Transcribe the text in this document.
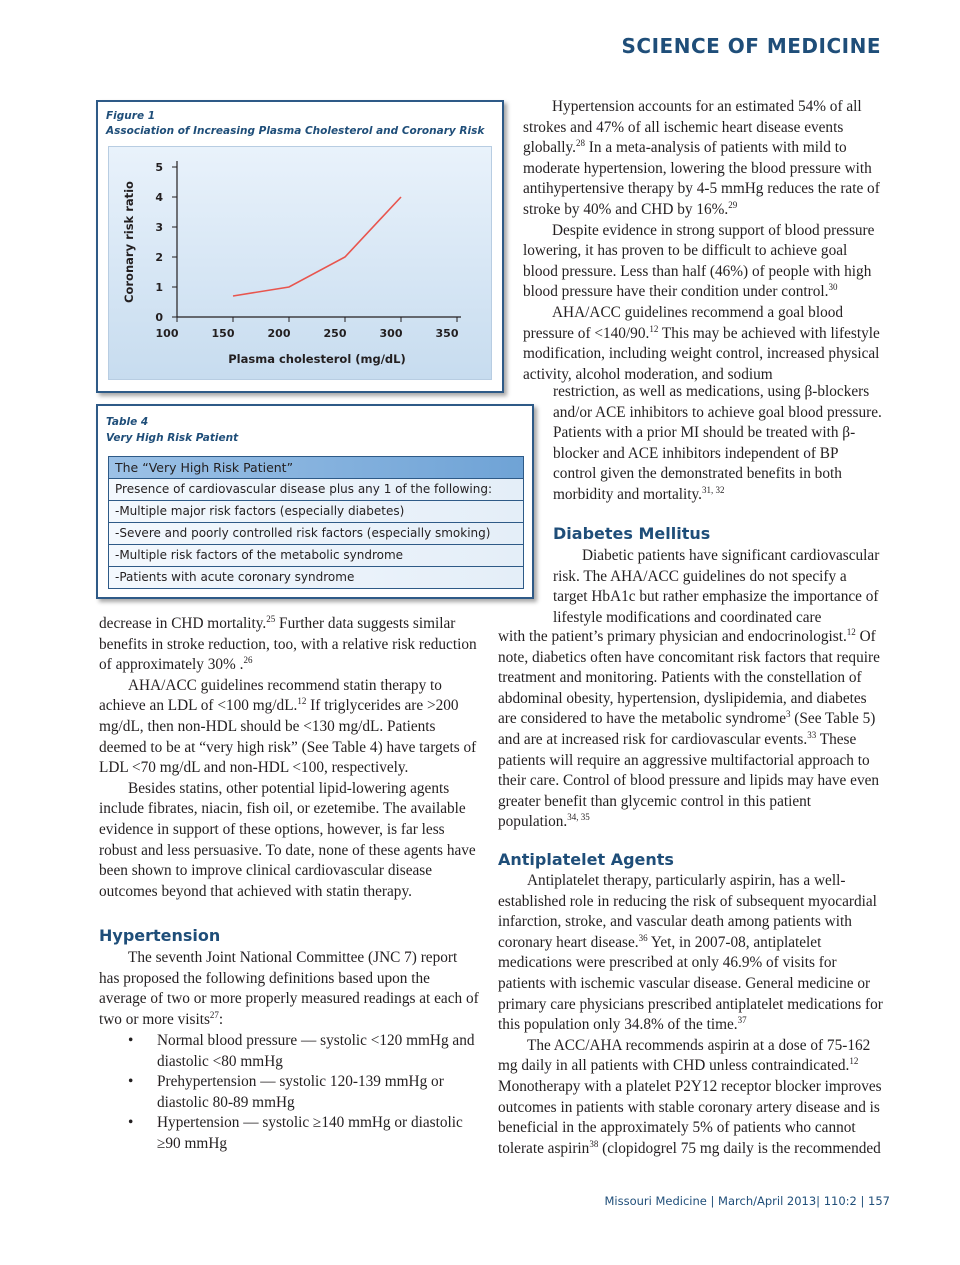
SCIENCE OF MEDICINE
Figure 1
Association of Increasing Plasma Cholesterol and Coronary Risk
0
1
2
3
4
5
100	150	200	250	300	350
Plasma cholesterol (mg/dL)
Coronary risk ratio
Table 4
Very High Risk Patient
The “Very High Risk Patient”
Presence of cardiovascular disease plus any 1 of the following:
-Multiple major risk factors (especially diabetes)
-Severe and poorly controlled risk factors (especially smoking)
-Multiple risk factors of the metabolic syndrome
-Patients with acute coronary syndrome

decrease in CHD mortality.$^{25}$ Further data suggests similar benefits in stroke reduction, too, with a relative risk reduction of approximately 30% .$^{26}$

AHA/ACC guidelines recommend statin therapy to achieve an LDL of <100 mg/dL.$^{12}$ If triglycerides are >200 mg/dL, then non-HDL should be <130 mg/dL. Patients deemed to be at “very high risk” (See Table 4) have targets of LDL <70 mg/dL and non-HDL <100, respectively.

Besides statins, other potential lipid-lowering agents include fibrates, niacin, fish oil, or ezetemibe. The available evidence in support of these options, however, is far less robust and less persuasive. To date, none of these agents have been shown to improve clinical cardiovascular disease outcomes beyond that achieved with statin therapy.

Hypertension

The seventh Joint National Committee (JNC 7) report has proposed the following definitions based upon the average of two or more properly measured readings at each of two or more visits$^{27}$:

• Normal blood pressure — systolic <120 mmHg and diastolic <80 mmHg
• Prehypertension — systolic 120-139 mmHg or diastolic 80-89 mmHg
• Hypertension — systolic ≥140 mmHg or diastolic ≥90 mmHg

Hypertension accounts for an estimated 54% of all strokes and 47% of all ischemic heart disease events globally.$^{28}$ In a meta-analysis of patients with mild to moderate hypertension, lowering the blood pressure with antihypertensive therapy by 4-5 mmHg reduces the rate of stroke by 40% and CHD by 16%.$^{29}$

Despite evidence in strong support of blood pressure lowering, it has proven to be difficult to achieve goal blood pressure. Less than half (46%) of people with high blood pressure have their condition under control.$^{30}$

AHA/ACC guidelines recommend a goal blood pressure of <140/90.12 This may be achieved with lifestyle modification, including weight control, increased physical activity, alcohol moderation, and sodium

restriction, as well as medications, using β-blockers and/or ACE inhibitors to achieve goal blood pressure. Patients with a prior MI should be treated with β-blocker and ACE inhibitors independent of BP control given the demonstrated benefits in both morbidity and mortality.$^{31, 32}$

Diabetes Mellitus

Diabetic patients have significant cardiovascular risk. The AHA/ACC guidelines do not specify a target HbA1c but rather emphasize the importance of lifestyle modifications and coordinated care

with the patient’s primary physician and endocrinologist.$^{12}$ Of note, diabetics often have concomitant risk factors that require treatment and monitoring. Patients with the constellation of abdominal obesity, hypertension, dyslipidemia, and diabetes are considered to have the metabolic syndrome$^3$ (See Table 5) and are at increased risk for cardiovascular events.$^{33}$ These patients will require an aggressive multifactorial approach to their care. Control of blood pressure and lipids may have even greater benefit than glycemic control in this patient population.$^{34, 35}$

Antiplatelet Agents

Antiplatelet therapy, particularly aspirin, has a well-established role in reducing the risk of subsequent myocardial infarction, stroke, and vascular death among patients with coronary heart disease.$^{36}$ Yet, in 2007-08, antiplatelet medications were prescribed at only 46.9% of visits for patients with ischemic vascular disease. General medicine or primary care physicians prescribed antiplatelet medications for this population only 34.8% of the time.$^{37}$

The ACC/AHA recommends aspirin at a dose of 75-162 mg daily in all patients with CHD unless contraindicated.$^{12}$ Monotherapy with a platelet P2Y12 receptor blocker improves outcomes in patients with stable coronary artery disease and is beneficial in the approximately 5% of patients who cannot tolerate aspirin$^{38}$ (clopidogrel 75 mg daily is the recommended

Missouri Medicine | March/April 2013| 110:2 | 157
